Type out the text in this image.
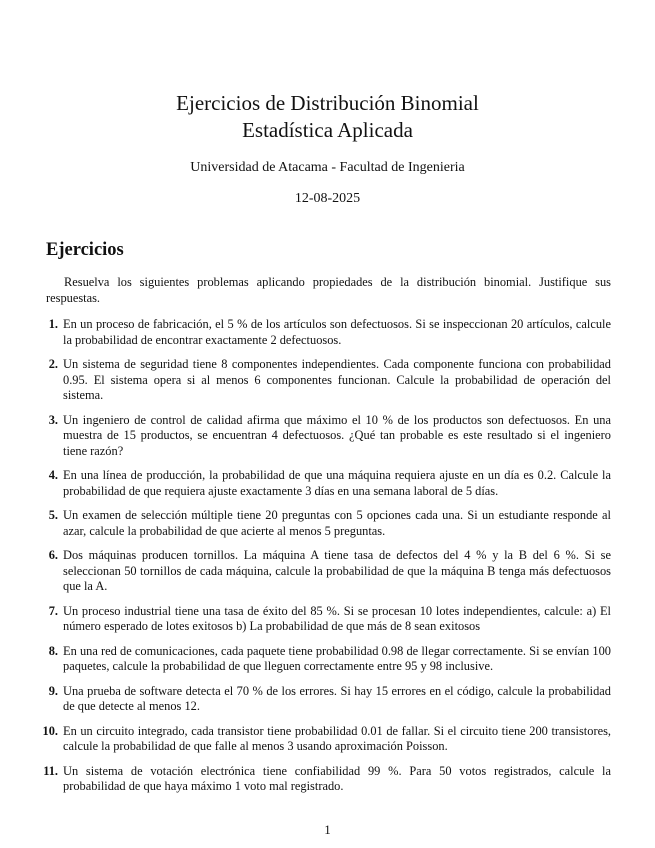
Ejercicios de Distribución Binomial
Estadística Aplicada
Universidad de Atacama - Facultad de Ingenieria
12-08-2025
Ejercicios
Resuelva los siguientes problemas aplicando propiedades de la distribución binomial. Justifique sus respuestas.
1. En un proceso de fabricación, el 5 % de los artículos son defectuosos. Si se inspeccionan 20 artículos, calcule la probabilidad de encontrar exactamente 2 defectuosos.
2. Un sistema de seguridad tiene 8 componentes independientes. Cada componente funciona con probabilidad 0.95. El sistema opera si al menos 6 componentes funcionan. Calcule la probabilidad de operación del sistema.
3. Un ingeniero de control de calidad afirma que máximo el 10 % de los productos son defectuosos. En una muestra de 15 productos, se encuentran 4 defectuosos. ¿Qué tan probable es este resultado si el ingeniero tiene razón?
4. En una línea de producción, la probabilidad de que una máquina requiera ajuste en un día es 0.2. Calcule la probabilidad de que requiera ajuste exactamente 3 días en una semana laboral de 5 días.
5. Un examen de selección múltiple tiene 20 preguntas con 5 opciones cada una. Si un estudiante responde al azar, calcule la probabilidad de que acierte al menos 5 preguntas.
6. Dos máquinas producen tornillos. La máquina A tiene tasa de defectos del 4 % y la B del 6 %. Si se seleccionan 50 tornillos de cada máquina, calcule la probabilidad de que la máquina B tenga más defectuosos que la A.
7. Un proceso industrial tiene una tasa de éxito del 85 %. Si se procesan 10 lotes independientes, calcule: a) El número esperado de lotes exitosos b) La probabilidad de que más de 8 sean exitosos
8. En una red de comunicaciones, cada paquete tiene probabilidad 0.98 de llegar correctamente. Si se envían 100 paquetes, calcule la probabilidad de que lleguen correctamente entre 95 y 98 inclusive.
9. Una prueba de software detecta el 70 % de los errores. Si hay 15 errores en el código, calcule la probabilidad de que detecte al menos 12.
10. En un circuito integrado, cada transistor tiene probabilidad 0.01 de fallar. Si el circuito tiene 200 transistores, calcule la probabilidad de que falle al menos 3 usando aproximación Poisson.
11. Un sistema de votación electrónica tiene confiabilidad 99 %. Para 50 votos registrados, calcule la probabilidad de que haya máximo 1 voto mal registrado.
1
